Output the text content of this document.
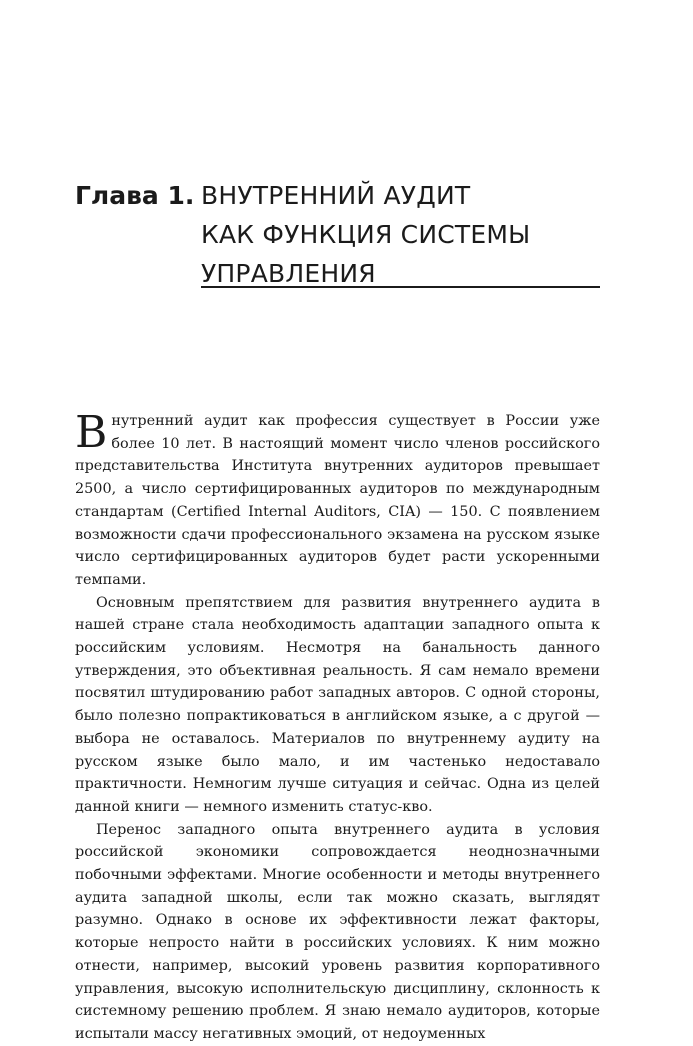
Глава 1. ВНУТРЕННИЙ АУДИТ
КАК ФУНКЦИЯ СИСТЕМЫ
УПРАВЛЕНИЯ

Внутренний аудит как профессия существует в России уже более 10 лет. В настоящий момент число членов российского представительства Института внутренних аудиторов превышает 2500, а число сертифицированных аудиторов по международным стандартам (Certified Internal Auditors, CIA) — 150. С появлением возможности сдачи профессионального экзамена на русском языке число сертифицированных аудиторов будет расти ускоренными темпами.

Основным препятствием для развития внутреннего аудита в нашей стране стала необходимость адаптации западного опыта к российским условиям. Несмотря на банальность данного утверждения, это объективная реальность. Я сам немало времени посвятил штудированию работ западных авторов. С одной стороны, было полезно попрактиковаться в английском языке, а с другой — выбора не оставалось. Материалов по внутреннему аудиту на русском языке было мало, и им частенько недоставало практичности. Немногим лучше ситуация и сейчас. Одна из целей данной книги — немного изменить статус-кво.

Перенос западного опыта внутреннего аудита в условия российской экономики сопровождается неоднозначными побочными эффектами. Многие особенности и методы внутреннего аудита западной школы, если так можно сказать, выглядят разумно. Однако в основе их эффективности лежат факторы, которые непросто найти в российских условиях. К ним можно отнести, например, высокий уровень развития корпоративного управления, высокую исполнительскую дисциплину, склонность к системному решению проблем. Я знаю немало аудиторов, которые испытали массу негативных эмоций, от недоуменных
